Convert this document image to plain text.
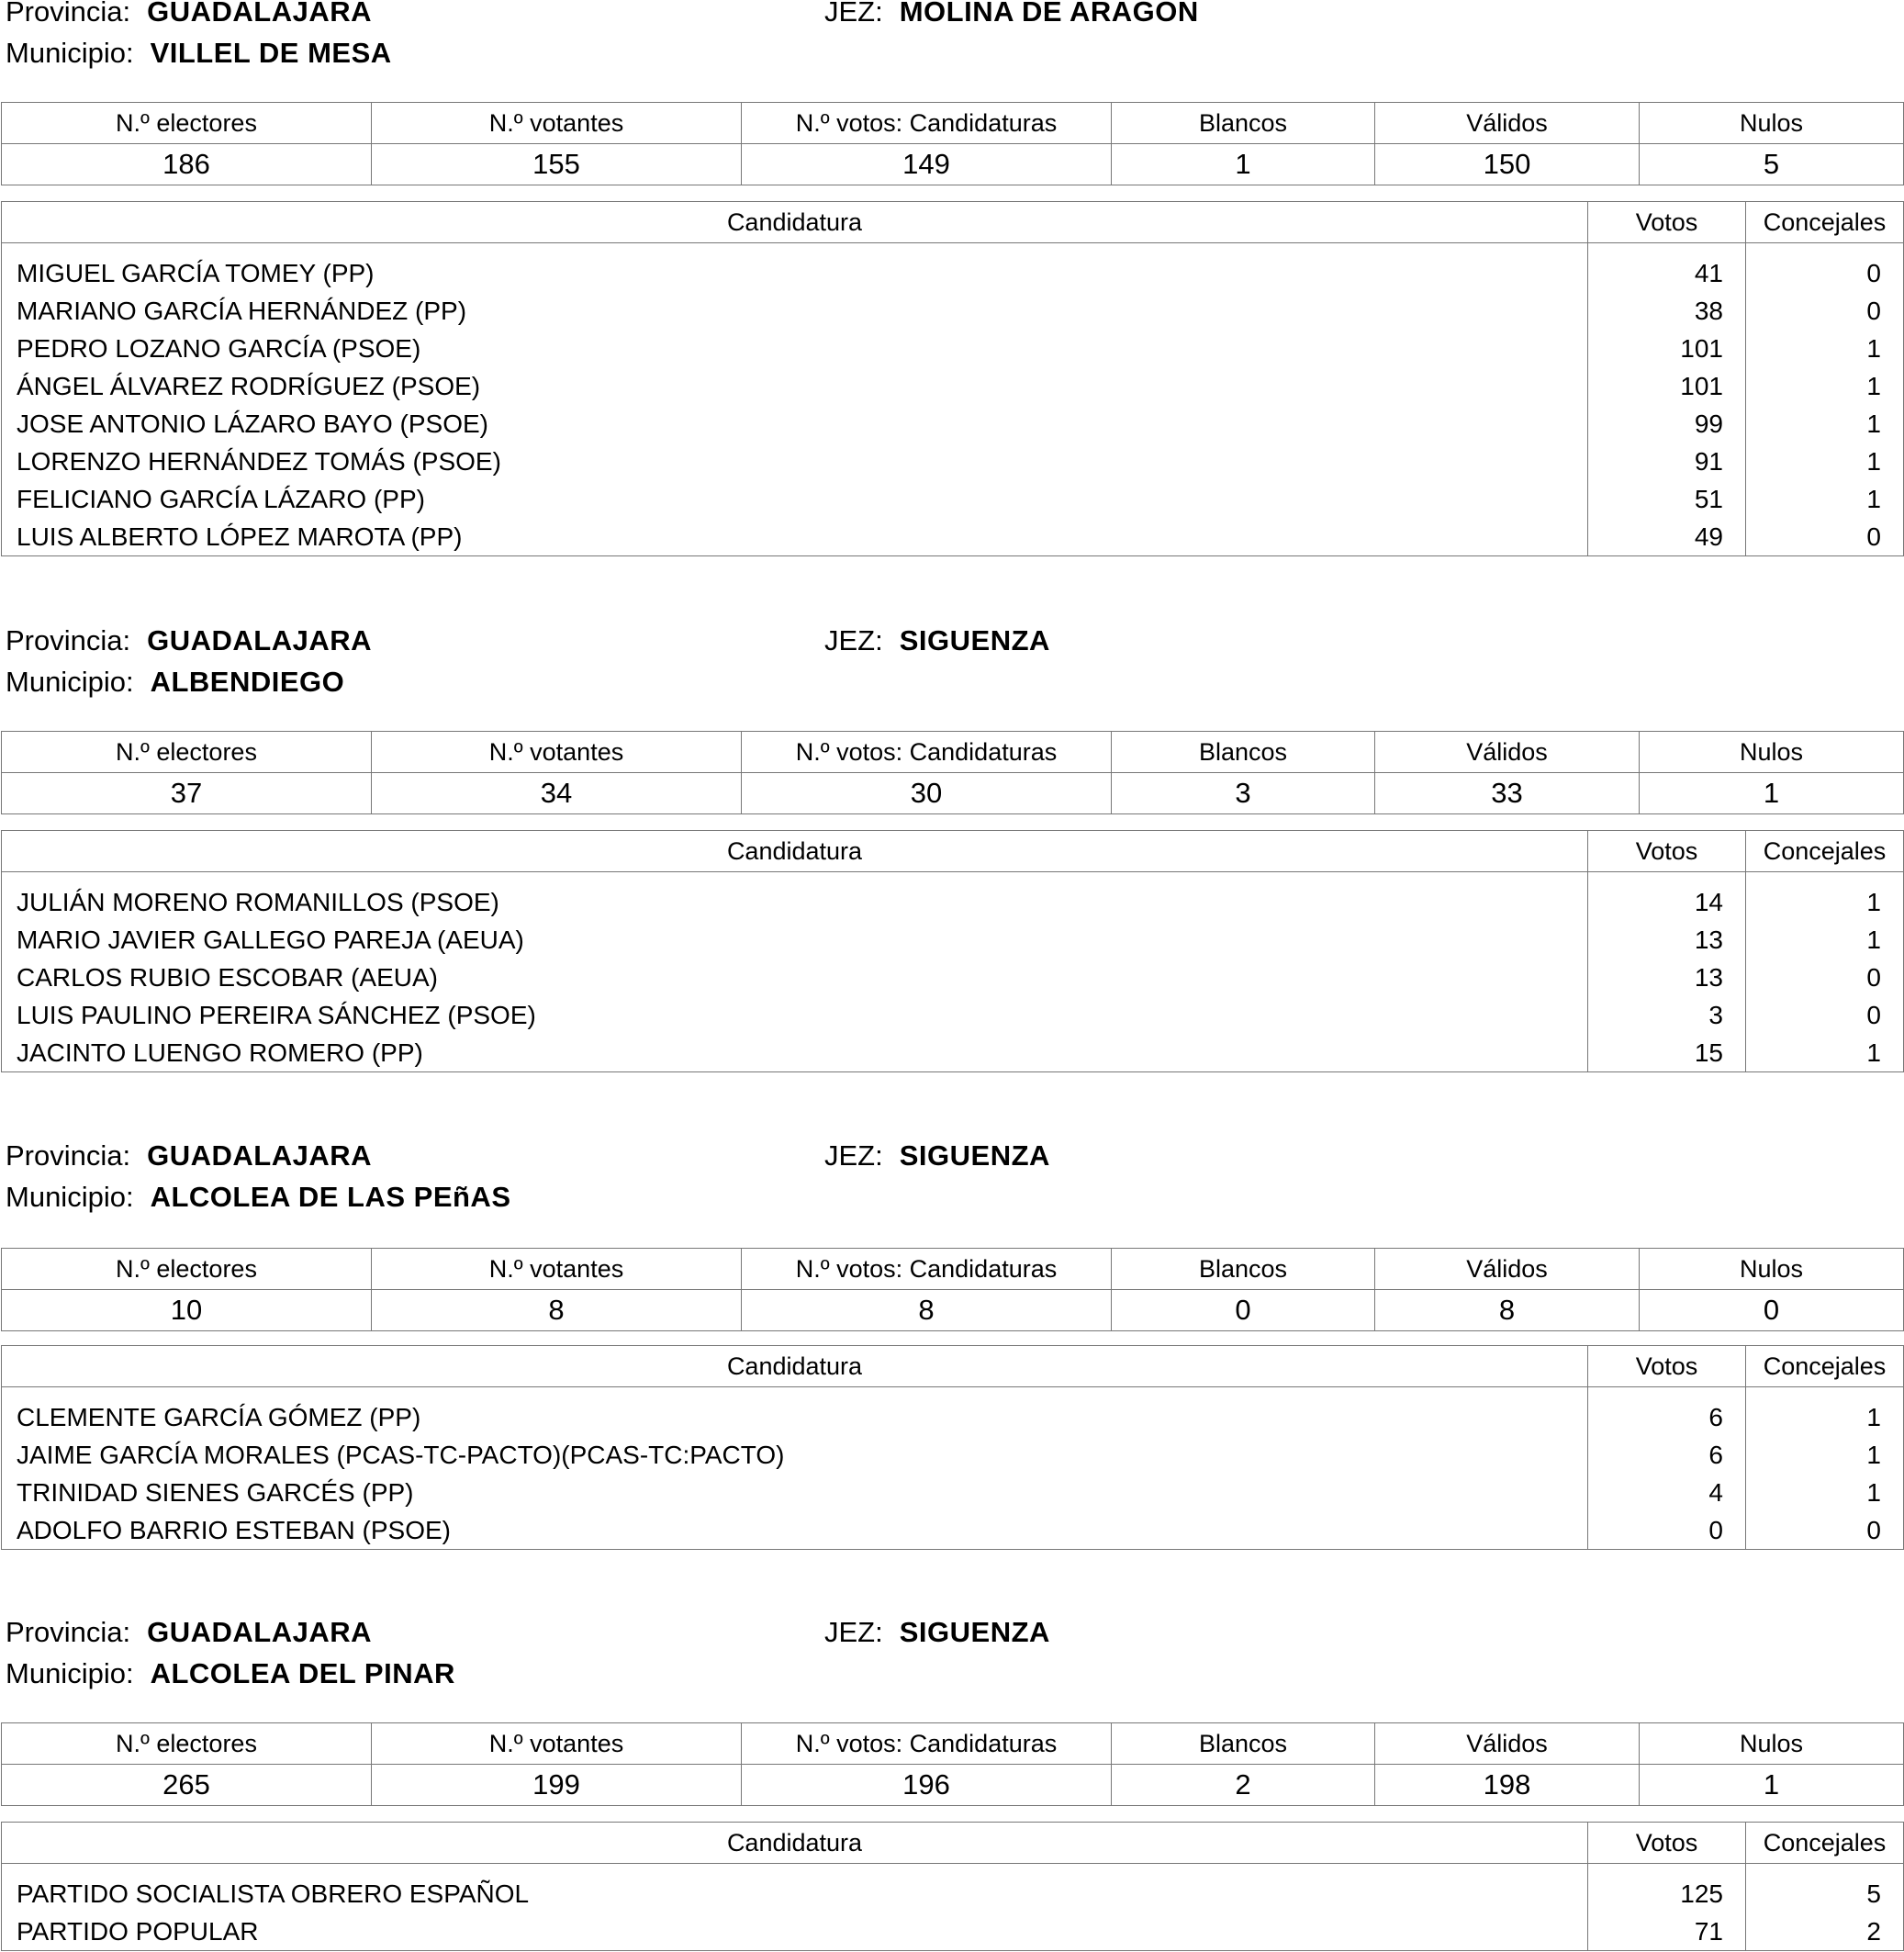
Provincia: GUADALAJARA	JEZ: MOLINA DE ARAGON
Municipio: VILLEL DE MESA
N.º electores	N.º votantes	N.º votos: Candidaturas	Blancos	Válidos	Nulos
186	155	149	1	150	5
Candidatura	Votos	Concejales
MIGUEL GARCÍA TOMEY (PP)	41	0
MARIANO GARCÍA HERNÁNDEZ (PP)	38	0
PEDRO LOZANO GARCÍA (PSOE)	101	1
ÁNGEL ÁLVAREZ RODRÍGUEZ (PSOE)	101	1
JOSE ANTONIO LÁZARO BAYO (PSOE)	99	1
LORENZO HERNÁNDEZ TOMÁS (PSOE)	91	1
FELICIANO GARCÍA LÁZARO (PP)	51	1
LUIS ALBERTO LÓPEZ MAROTA (PP)	49	0
Provincia: GUADALAJARA	JEZ: SIGUENZA
Municipio: ALBENDIEGO
N.º electores	N.º votantes	N.º votos: Candidaturas	Blancos	Válidos	Nulos
37	34	30	3	33	1
Candidatura	Votos	Concejales
JULIÁN MORENO ROMANILLOS (PSOE)	14	1
MARIO JAVIER GALLEGO PAREJA (AEUA)	13	1
CARLOS RUBIO ESCOBAR (AEUA)	13	0
LUIS PAULINO PEREIRA SÁNCHEZ (PSOE)	3	0
JACINTO LUENGO ROMERO (PP)	15	1
Provincia: GUADALAJARA	JEZ: SIGUENZA
Municipio: ALCOLEA DE LAS PEñAS
N.º electores	N.º votantes	N.º votos: Candidaturas	Blancos	Válidos	Nulos
10	8	8	0	8	0
Candidatura	Votos	Concejales
CLEMENTE GARCÍA GÓMEZ (PP)	6	1
JAIME GARCÍA MORALES (PCAS-TC-PACTO)(PCAS-TC:PACTO)	6	1
TRINIDAD SIENES GARCÉS (PP)	4	1
ADOLFO BARRIO ESTEBAN (PSOE)	0	0
Provincia: GUADALAJARA	JEZ: SIGUENZA
Municipio: ALCOLEA DEL PINAR
N.º electores	N.º votantes	N.º votos: Candidaturas	Blancos	Válidos	Nulos
265	199	196	2	198	1
Candidatura	Votos	Concejales
PARTIDO SOCIALISTA OBRERO ESPAÑOL	125	5
PARTIDO POPULAR	71	2
